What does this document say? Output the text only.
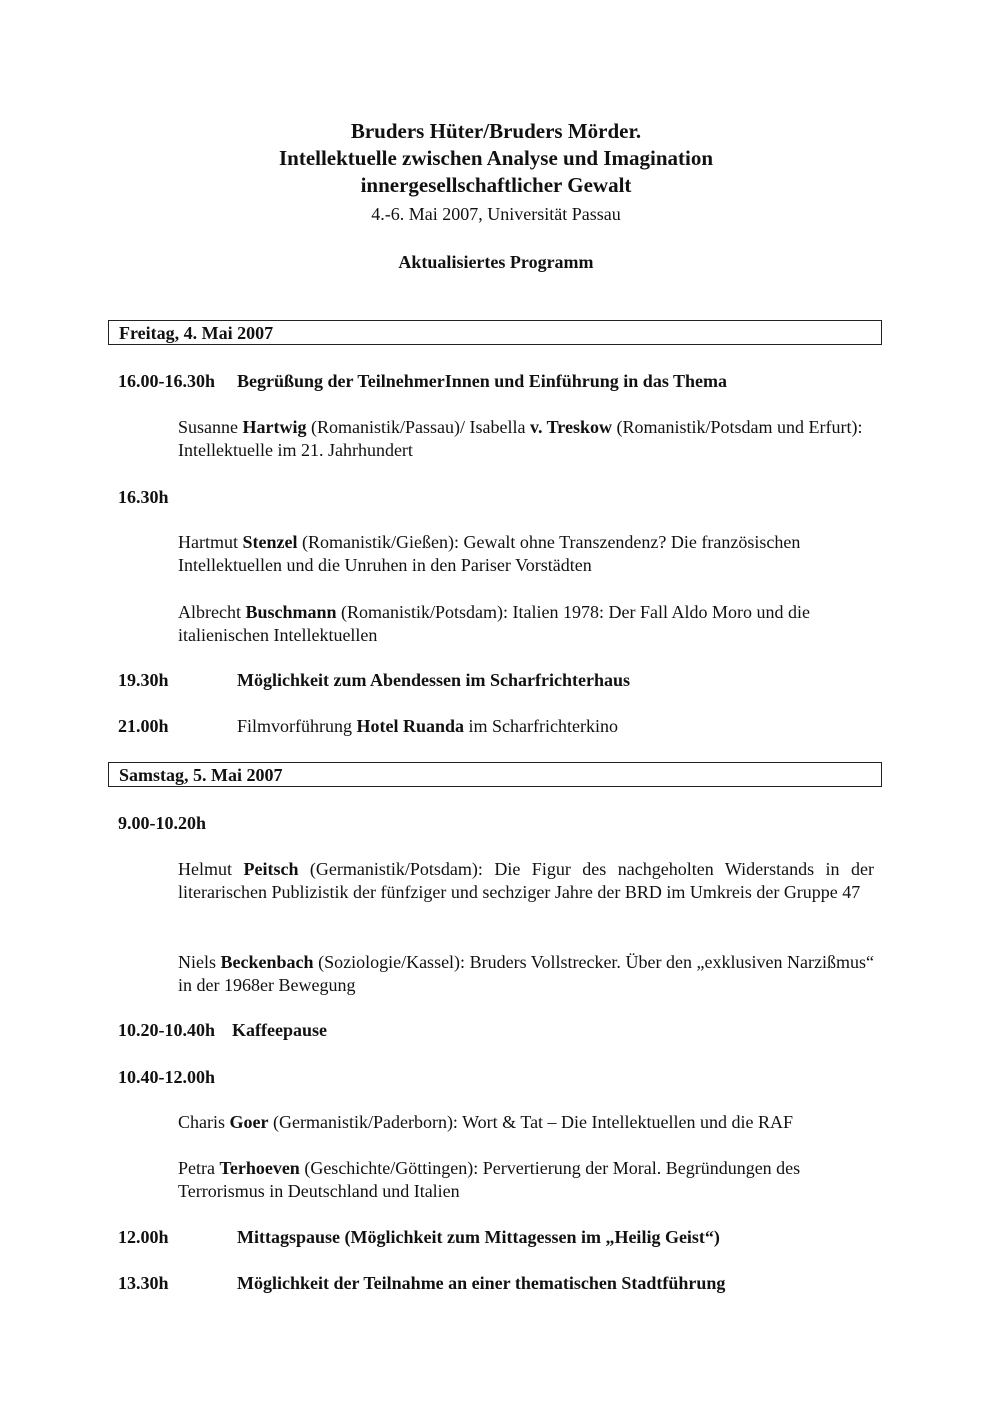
Bruders Hüter/Bruders Mörder.
Intellektuelle zwischen Analyse und Imagination
innergesellschaftlicher Gewalt
4.-6. Mai 2007, Universität Passau
Aktualisiertes Programm
Freitag, 4. Mai 2007
16.00-16.30h Begrüßung der TeilnehmerInnen und Einführung in das Thema
Susanne Hartwig (Romanistik/Passau)/ Isabella v. Treskow (Romanistik/Potsdam und Erfurt): Intellektuelle im 21. Jahrhundert
16.30h
Hartmut Stenzel (Romanistik/Gießen): Gewalt ohne Transzendenz? Die französischen Intellektuellen und die Unruhen in den Pariser Vorstädten
Albrecht Buschmann (Romanistik/Potsdam): Italien 1978: Der Fall Aldo Moro und die italienischen Intellektuellen
19.30h	Möglichkeit zum Abendessen im Scharfrichterhaus
21.00h	Filmvorführung Hotel Ruanda im Scharfrichterkino
Samstag, 5. Mai 2007
9.00-10.20h
Helmut Peitsch (Germanistik/Potsdam): Die Figur des nachgeholten Widerstands in der literarischen Publizistik der fünfziger und sechziger Jahre der BRD im Umkreis der Gruppe 47
Niels Beckenbach (Soziologie/Kassel): Bruders Vollstrecker. Über den „exklusiven Narzißmus“ in der 1968er Bewegung
10.20-10.40h Kaffeepause
10.40-12.00h
Charis Goer (Germanistik/Paderborn): Wort & Tat – Die Intellektuellen und die RAF
Petra Terhoeven (Geschichte/Göttingen): Pervertierung der Moral. Begründungen des Terrorismus in Deutschland und Italien
12.00h	Mittagspause (Möglichkeit zum Mittagessen im „Heilig Geist“)
13.30h	Möglichkeit der Teilnahme an einer thematischen Stadtführung
